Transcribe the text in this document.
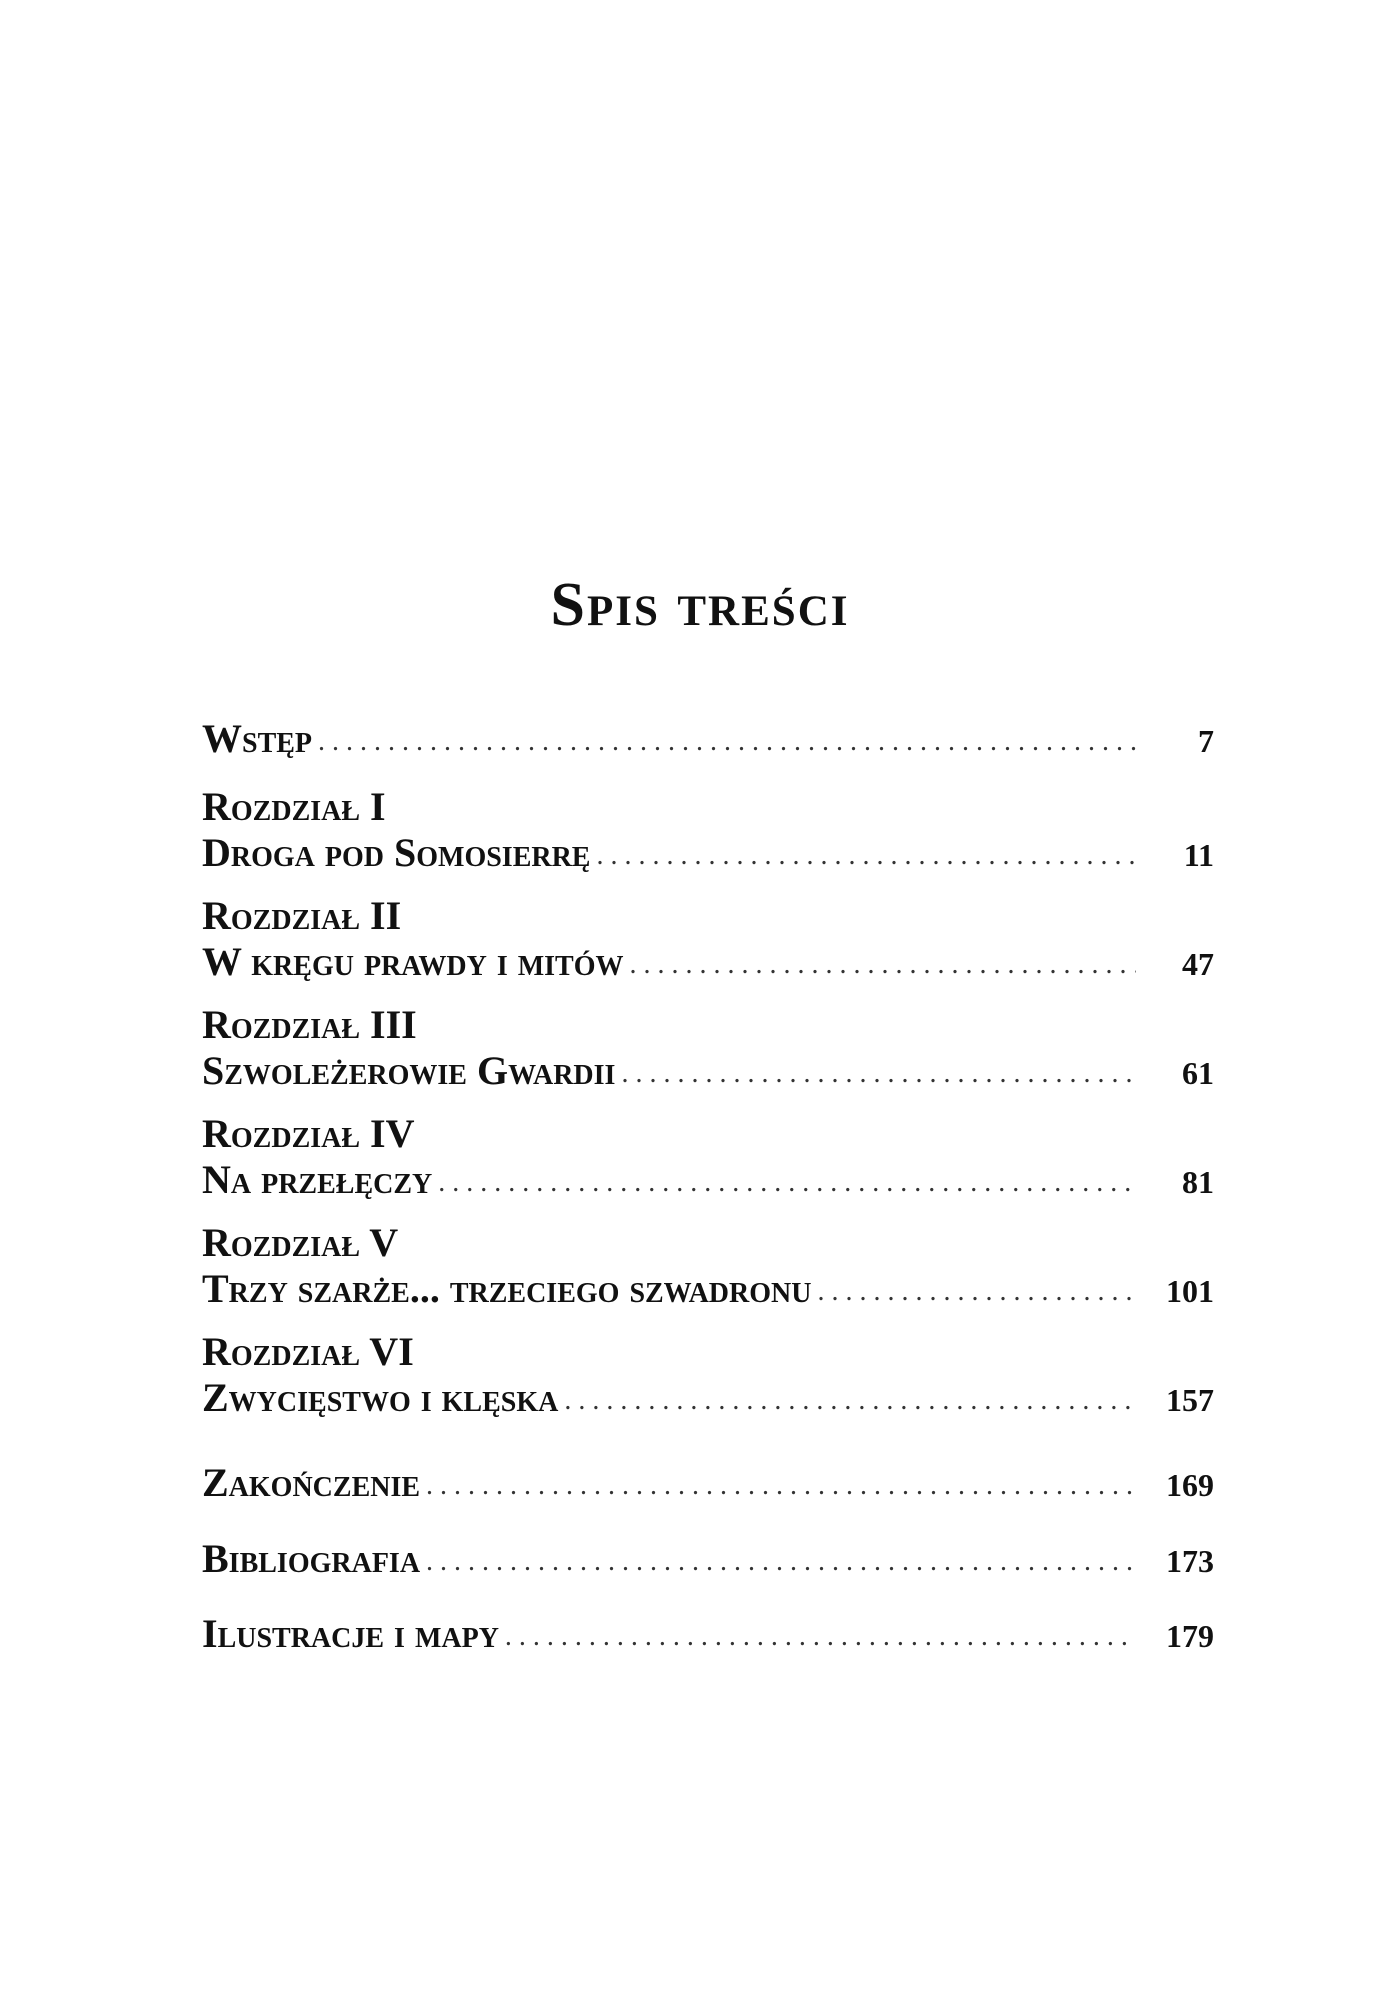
Spis treści
Wstęp . . .	7
Rozdział I
Droga pod Somosierrę . . .	11
Rozdział II
W kręgu prawdy i mitów . . .	47
Rozdział III
Szwoleżerowie Gwardii . . .	61
Rozdział IV
Na przełęczy . . .	81
Rozdział V
Trzy szarże... trzeciego szwadronu . . .	101
Rozdział VI
Zwycięstwo i klęska . . .	157
Zakończenie . . .	169
Bibliografia . . .	173
Ilustracje i mapy . . .	179
